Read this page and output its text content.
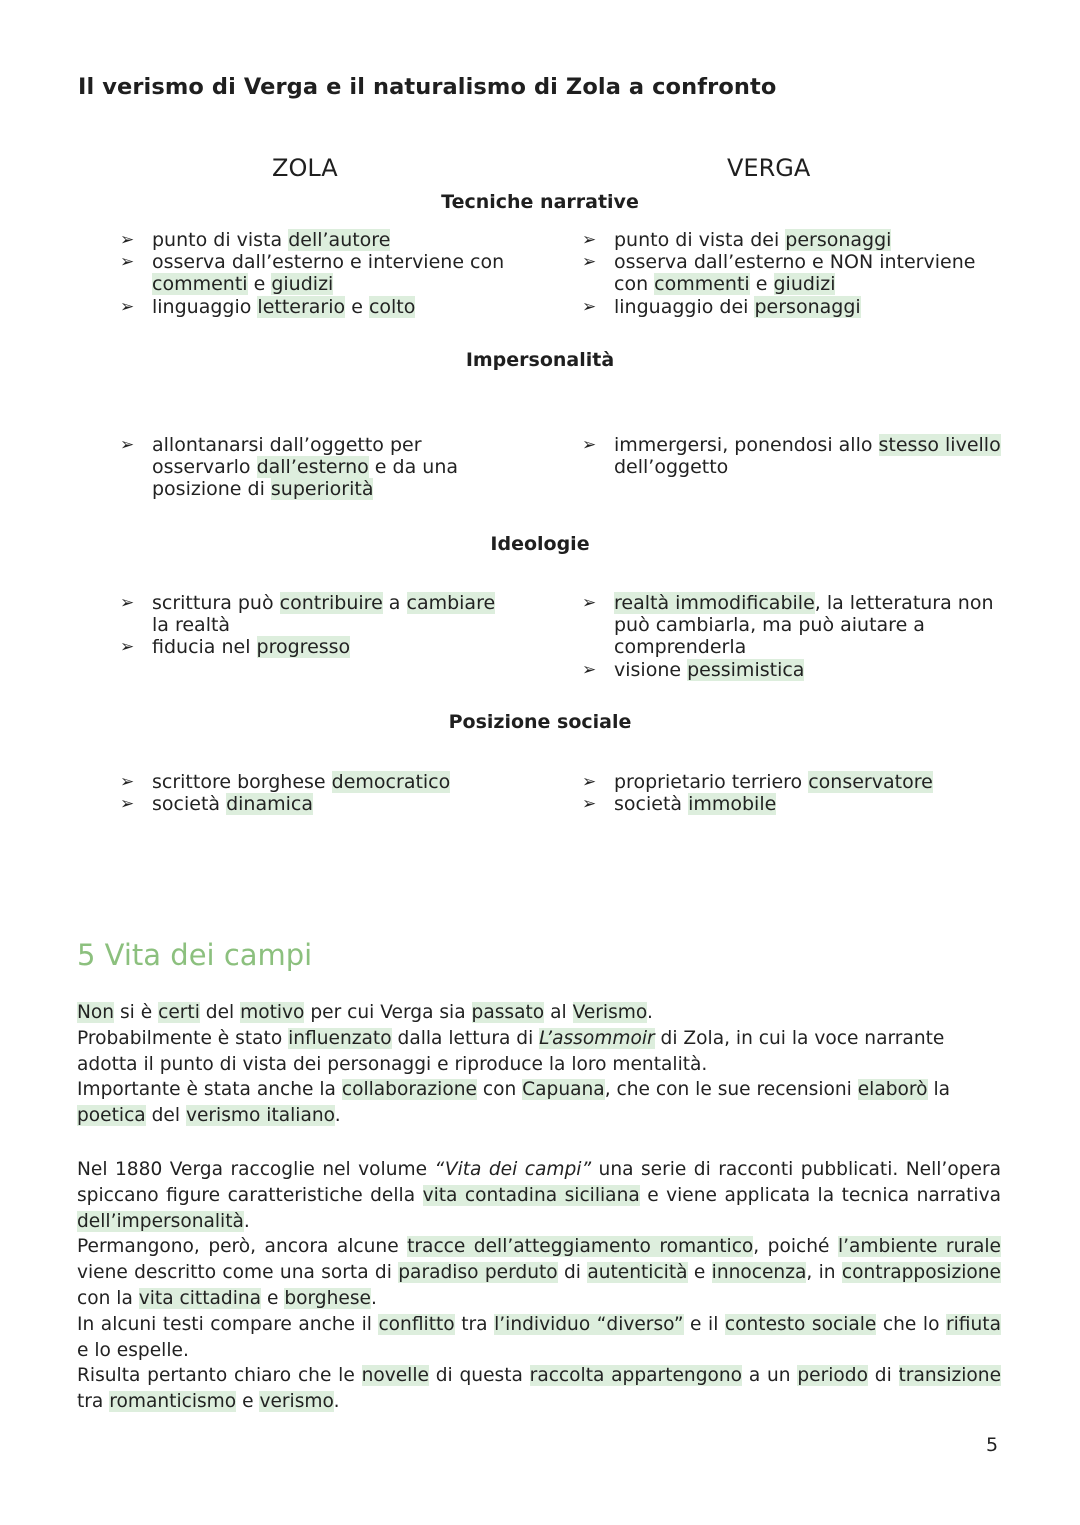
Il verismo di Verga e il naturalismo di Zola a confronto
ZOLA	VERGA
Tecniche narrative
➢ punto di vista dell’autore
➢ osserva dall’esterno e interviene con commenti e giudizi
➢ linguaggio letterario e colto
➢ punto di vista dei personaggi
➢ osserva dall’esterno e NON interviene con commenti e giudizi
➢ linguaggio dei personaggi
Impersonalità
➢ allontanarsi dall’oggetto per osservarlo dall’esterno e da una posizione di superiorità
➢ immergersi, ponendosi allo stesso livello dell’oggetto
Ideologie
➢ scrittura può contribuire a cambiare la realtà
➢ fiducia nel progresso
➢ realtà immodificabile, la letteratura non può cambiarla, ma può aiutare a comprenderla
➢ visione pessimistica
Posizione sociale
➢ scrittore borghese democratico
➢ società dinamica
➢ proprietario terriero conservatore
➢ società immobile
5 Vita dei campi

Non si è certi del motivo per cui Verga sia passato al Verismo.
Probabilmente è stato influenzato dalla lettura di L’assommoir di Zola, in cui la voce narrante adotta il punto di vista dei personaggi e riproduce la loro mentalità.
Importante è stata anche la collaborazione con Capuana, che con le sue recensioni elaborò la poetica del verismo italiano.

Nel 1880 Verga raccoglie nel volume “Vita dei campi” una serie di racconti pubblicati. Nell’opera spiccano figure caratteristiche della vita contadina siciliana e viene applicata la tecnica narrativa dell’impersonalità.
Permangono, però, ancora alcune tracce dell’atteggiamento romantico, poiché l’ambiente rurale viene descritto come una sorta di paradiso perduto di autenticità e innocenza, in contrapposizione con la vita cittadina e borghese.
In alcuni testi compare anche il conflitto tra l’individuo “diverso” e il contesto sociale che lo rifiuta e lo espelle.
Risulta pertanto chiaro che le novelle di questa raccolta appartengono a un periodo di transizione tra romanticismo e verismo.

5
